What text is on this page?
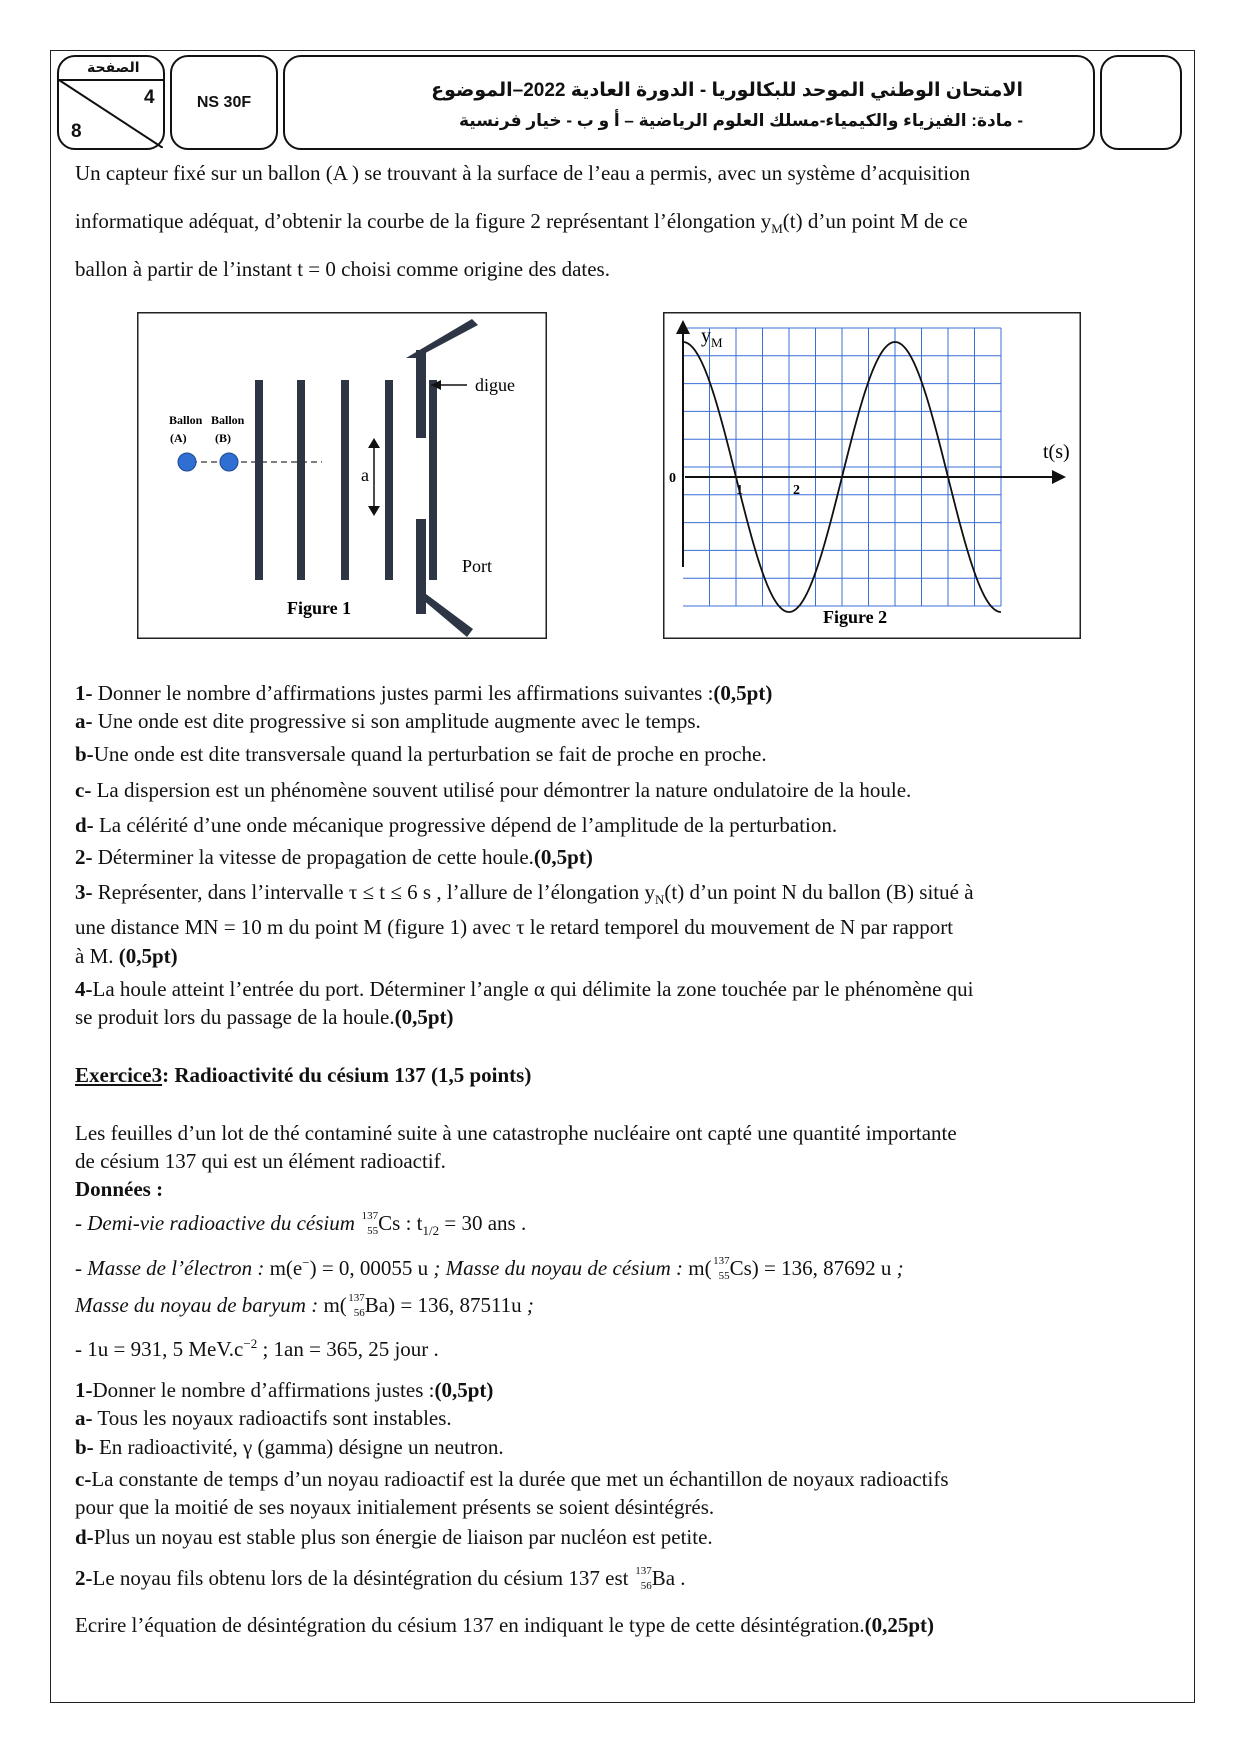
الصفحة
4
8
NS 30F
الامتحان الوطني الموحد للبكالوريا - الدورة العادية 2022–الموضوع
- مادة: الفيزياء والكيمياء-مسلك العلوم الرياضية – أ و ب - خيار فرنسية
Un capteur fixé sur un ballon (A ) se trouvant à la surface de l’eau a permis, avec un système d’acquisition
informatique adéquat, d’obtenir la courbe de la figure 2 représentant l’élongation $y_M(t)$ d’un point M de ce
ballon à partir de l’instant t = 0 choisi comme origine des dates.
Ballon
(A)
Ballon
(B)
digue
a
Port
Figure 1
$y_M$
t(s)
0
1	2
Figure 2
1- Donner le nombre d’affirmations justes parmi les affirmations suivantes :(0,5pt)
a- Une onde est dite progressive si son amplitude augmente avec le temps.
b-Une onde est dite transversale quand la perturbation se fait de proche en proche.
c- La dispersion est un phénomène souvent utilisé pour démontrer la nature ondulatoire de la houle.
d- La célérité d’une onde mécanique progressive dépend de l’amplitude de la perturbation.
2- Déterminer la vitesse de propagation de cette houle.(0,5pt)
3- Représenter, dans l’intervalle τ ≤ t ≤ 6 s , l’allure de l’élongation $y_N(t)$ d’un point N du ballon (B) situé à
une distance MN = 10 m du point M (figure 1) avec τ le retard temporel du mouvement de N par rapport
à M. (0,5pt)
4-La houle atteint l’entrée du port. Déterminer l’angle α qui délimite la zone touchée par le phénomène qui
se produit lors du passage de la houle.(0,5pt)
Exercice3: Radioactivité du césium 137 (1,5 points)
Les feuilles d’un lot de thé contaminé suite à une catastrophe nucléaire ont capté une quantité importante
de césium 137 qui est un élément radioactif.
Données :
- Demi-vie radioactive du césium 137
55 Cs : $t_{1/2} = 30$ ans .
- Masse de l’électron : m(e−) = 0, 00055 u ; Masse du noyau de césium : m( 137
55 Cs) = 136, 87692 u ;
Masse du noyau de baryum : m( 137
56 Ba) = 136, 87511u ;
- 1u = 931, 5 $MeV.c^{-2}$ ; 1an = 365, 25 jour .
1-Donner le nombre d’affirmations justes :(0,5pt)
a- Tous les noyaux radioactifs sont instables.
b- En radioactivité, γ (gamma) désigne un neutron.
c-La constante de temps d’un noyau radioactif est la durée que met un échantillon de noyaux radioactifs
pour que la moitié de ses noyaux initialement présents se soient désintégrés.
d-Plus un noyau est stable plus son énergie de liaison par nucléon est petite.
2-Le noyau fils obtenu lors de la désintégration du césium 137 est 137
56 Ba .
Ecrire l’équation de désintégration du césium 137 en indiquant le type de cette désintégration.(0,25pt)
